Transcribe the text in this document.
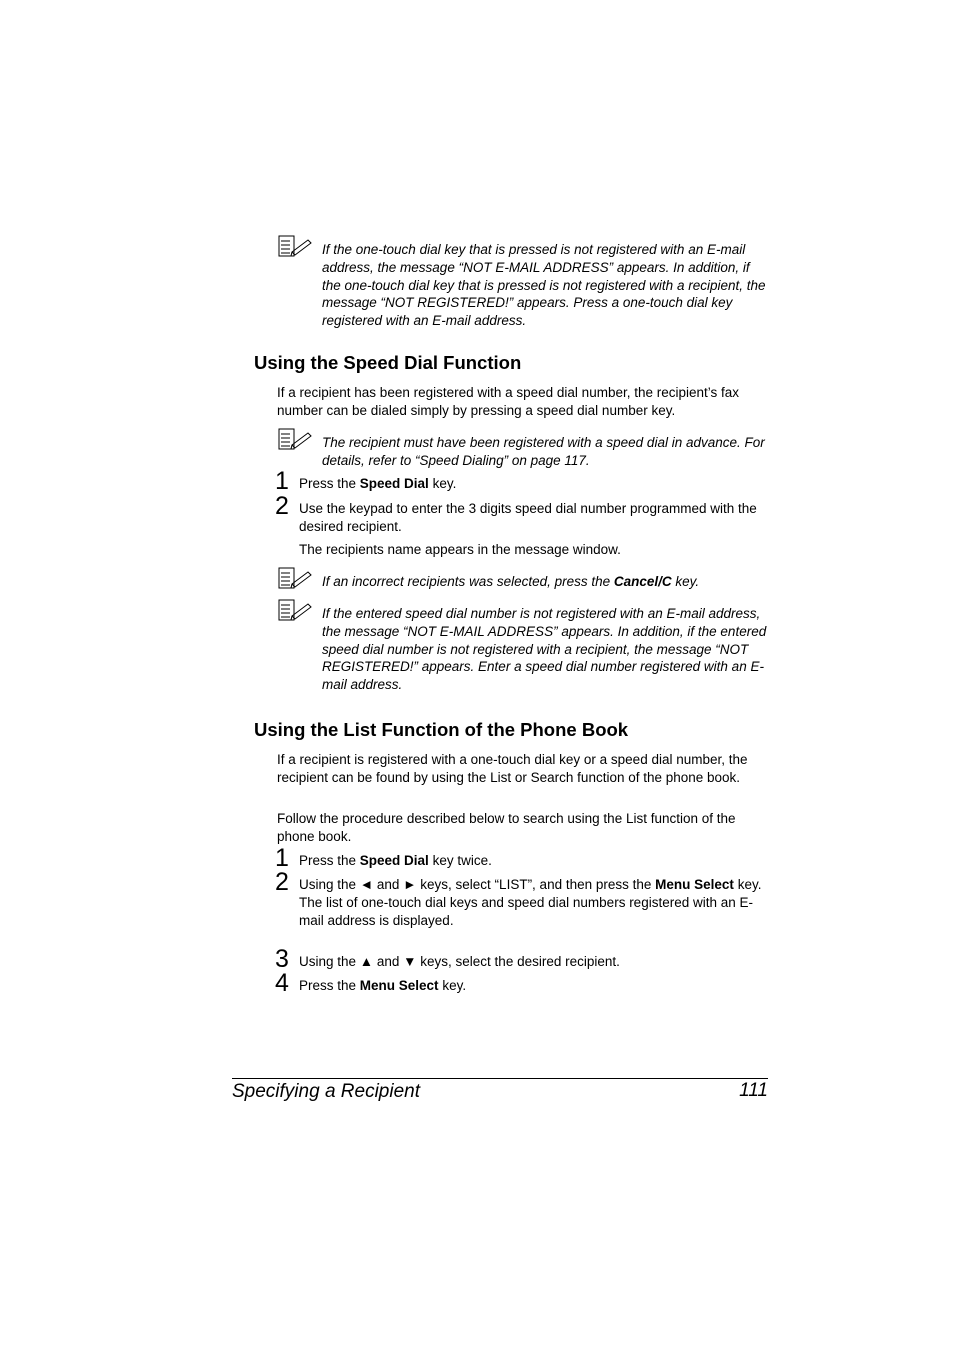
If the one-touch dial key that is pressed is not registered with an E-mail address, the message “NOT E-MAIL ADDRESS” appears. In addition, if the one-touch dial key that is pressed is not registered with a recipient, the message “NOT REGISTERED!” appears. Press a one-touch dial key registered with an E-mail address.
Using the Speed Dial Function

If a recipient has been registered with a speed dial number, the recipient’s fax number can be dialed simply by pressing a speed dial number key.

The recipient must have been registered with a speed dial in advance. For details, refer to “Speed Dialing” on page 117.
1 Press the Speed Dial key.
2 Use the keypad to enter the 3 digits speed dial number programmed with the desired recipient.

The recipients name appears in the message window.

If an incorrect recipients was selected, press the Cancel/C key.
If the entered speed dial number is not registered with an E-mail address, the message “NOT E-MAIL ADDRESS” appears. In addition, if the entered speed dial number is not registered with a recipient, the message “NOT REGISTERED!” appears. Enter a speed dial number registered with an E-mail address.
Using the List Function of the Phone Book

If a recipient is registered with a one-touch dial key or a speed dial number, the recipient can be found by using the List or Search function of the phone book.

Follow the procedure described below to search using the List function of the phone book.

1 Press the Speed Dial key twice.
2 Using the ◄ and ► keys, select “LIST”, and then press the Menu Select key.
The list of one-touch dial keys and speed dial numbers registered with an E-mail address is displayed.
3 Using the ▲ and ▼ keys, select the desired recipient.
4 Press the Menu Select key.
Specifying a Recipient	111
